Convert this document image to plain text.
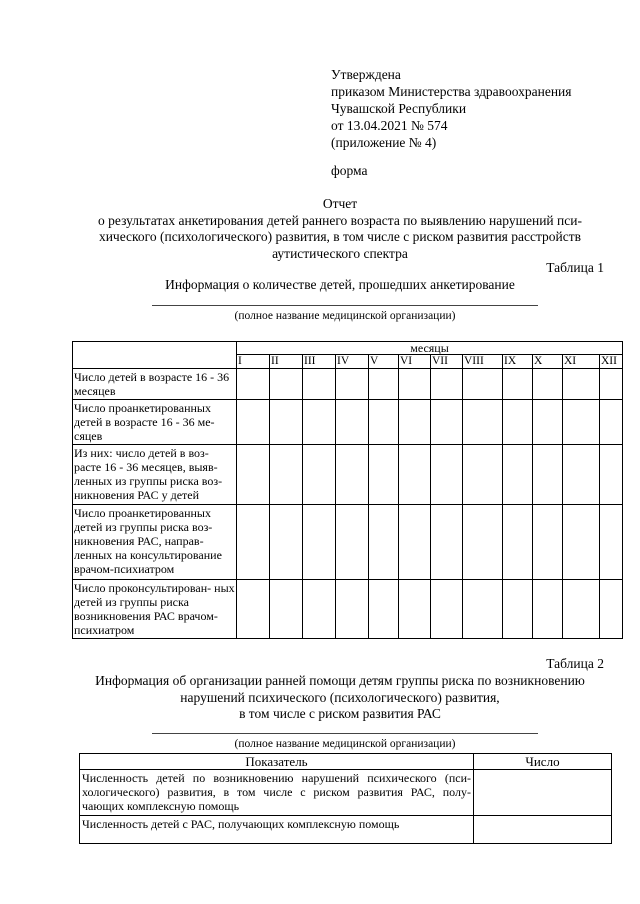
Утверждена
приказом Министерства здравоохранения
Чувашской Республики
от 13.04.2021 № 574
(приложение № 4)
форма
Отчет
о результатах анкетирования детей раннего возраста по выявлению нарушений пси-
хического (психологического) развития, в том числе с риском развития расстройств
аутистического спектра
Таблица 1
Информация о количестве детей, прошедших анкетирование
(полное название медицинской организации)
	месяцы											
	I	II	III	IV	V	VI	VII	VIII	IX	X	XI	XII
Число детей в возрасте 16 - 36 месяцев												
Число проанкетированных детей в возрасте 16 - 36 ме- сяцев												
Из них: число детей в воз- расте 16 - 36 месяцев, выяв- ленных из группы риска воз- никновения РАС у детей												
Число проанкетированных детей из группы риска воз- никновения РАС, направ- ленных на консультирование врачом-психиатром												
Число проконсультирован- ных детей из группы риска возникновения РАС врачом- психиатром												
Таблица 2
Информация об организации ранней помощи детям группы риска по возникновению
нарушений психического (психологического) развития,
в том числе с риском развития РАС
(полное название медицинской организации)
Показатель	Число
Численность детей по возникновению нарушений психического (пси- хологического) развития, в том числе с риском развития РАС, полу- чающих комплексную помощь	
Численность детей с РАС, получающих комплексную помощь	
